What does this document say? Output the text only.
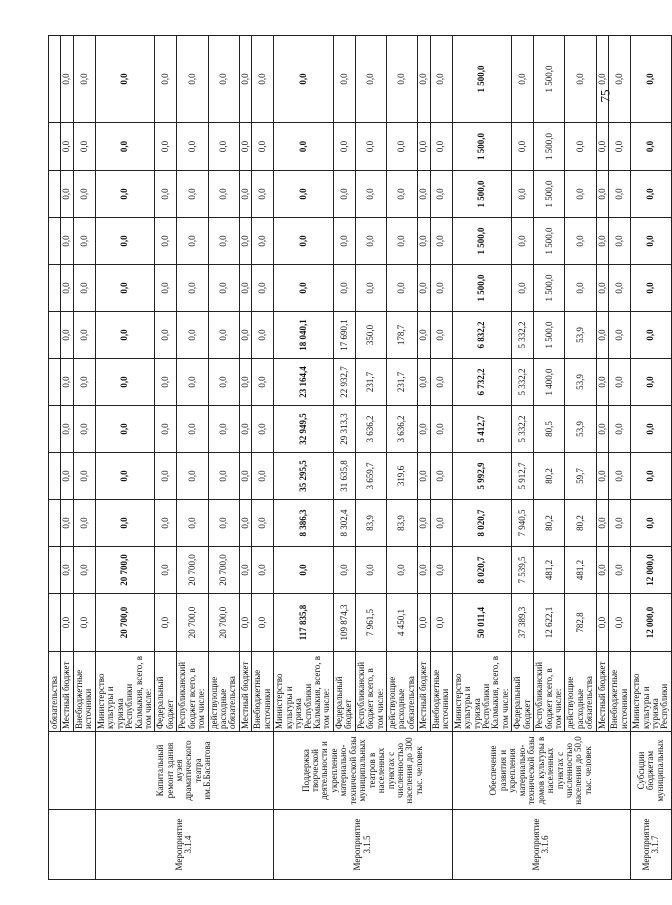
		обязательства												
		Местный бюджет	0,0	0,0	0,0	0,0	0,0	0,0	0,0	0,0	0,0	0,0	0,0	0,0
		Внебюджетные источники	0,0	0,0	0,0	0,0	0,0	0,0	0,0	0,0	0,0	0,0	0,0	0,0
Мероприятие 3.1.4	Капитальный ремонт здания музея драматического театра им.Б.Басангова	Министерство культуры и туризма Республики Калмыкия, всего, в том числе:	20 700,0	20 700,0	0,0	0,0	0,0	0,0	0,0	0,0	0,0	0,0	0,0	0,0
		Федеральный бюджет	0,0	0,0	0,0	0,0	0,0	0,0	0,0	0,0	0,0	0,0	0,0	0,0
		Республиканский бюджет всего, в том числе:	20 700,0	20 700,0	0,0	0,0	0,0	0,0	0,0	0,0	0,0	0,0	0,0	0,0
		действующие расходные обязательства	20 700,0	20 700,0	0,0	0,0	0,0	0,0	0,0	0,0	0,0	0,0	0,0	0,0
		Местный бюджет	0,0	0,0	0,0	0,0	0,0	0,0	0,0	0,0	0,0	0,0	0,0	0,0
		Внебюджетные источники	0,0	0,0	0,0	0,0	0,0	0,0	0,0	0,0	0,0	0,0	0,0	0,0
Мероприятие 3.1.5	Поддержка творческой деятельности и укрепление материально-технической базы муниципальных театров в населенных пунктах с численностью населения до 300 тыс. человек	Министерство культуры и туризма Республики Калмыкия, всего, в том числе:	117 835,8	0,0	8 386,3	35 295,5	32 949,5	23 164,4	18 040,1	0,0	0,0	0,0	0,0	0,0
		Федеральный бюджет	109 874,3	0,0	8 302,4	31 635,8	29 313,3	22 932,7	17 690,1	0,0	0,0	0,0	0,0	0,0
		Республиканский бюджет всего, в том числе:	7 961,5	0,0	83,9	3 659,7	3 636,2	231,7	350,0	0,0	0,0	0,0	0,0	0,0
		действующие расходные обязательства	4 450,1	0,0	83,9	319,6	3 636,2	231,7	178,7	0,0	0,0	0,0	0,0	0,0
		Местный бюджет	0,0	0,0	0,0	0,0	0,0	0,0	0,0	0,0	0,0	0,0	0,0	0,0
		Внебюджетные источники	0,0	0,0	0,0	0,0	0,0	0,0	0,0	0,0	0,0	0,0	0,0	0,0
Мероприятие 3.1.6	Обеспечение развития и укрепления материально-технической базы домов культуры в населенных пунктах с численностью населения до 50,0 тыс. человек	Министерство культуры и туризма Республики Калмыкия, всего, в том числе:	50 011,4	8 020,7	8 020,7	5 992,9	5 412,7	6 732,2	6 832,2	1 500,0	1 500,0	1 500,0	1 500,0	1 500,0
		Федеральный бюджет	37 389,3	7 539,5	7 940,5	5 912,7	5 332,2	5 332,2	5 332,2	0,0	0,0	0,0	0,0	0,0
		Республиканский бюджет всего, в том числе:	12 622,1	481,2	80,2	80,2	80,5	1 400,0	1 500,0	1 500,0	1 500,0	1 500,0	1 500,0	1 500,0
		действующие расходные обязательства	782,8	481,2	80,2	59,7	53,9	53,9	53,9	0,0	0,0	0,0	0,0	0,0
		Местный бюджет	0,0	0,0	0,0	0,0	0,0	0,0	0,0	0,0	0,0	0,0	0,0	0,0
		Внебюджетные источники	0,0	0,0	0,0	0,0	0,0	0,0	0,0	0,0	0,0	0,0	0,0	0,0
Мероприятие 3.1.7	Субсидии бюджетам муниципальных	Министерство культуры и туризма Республики	12 000,0	12 000,0	0,0	0,0	0,0	0,0	0,0	0,0	0,0	0,0	0,0	0,0
75
